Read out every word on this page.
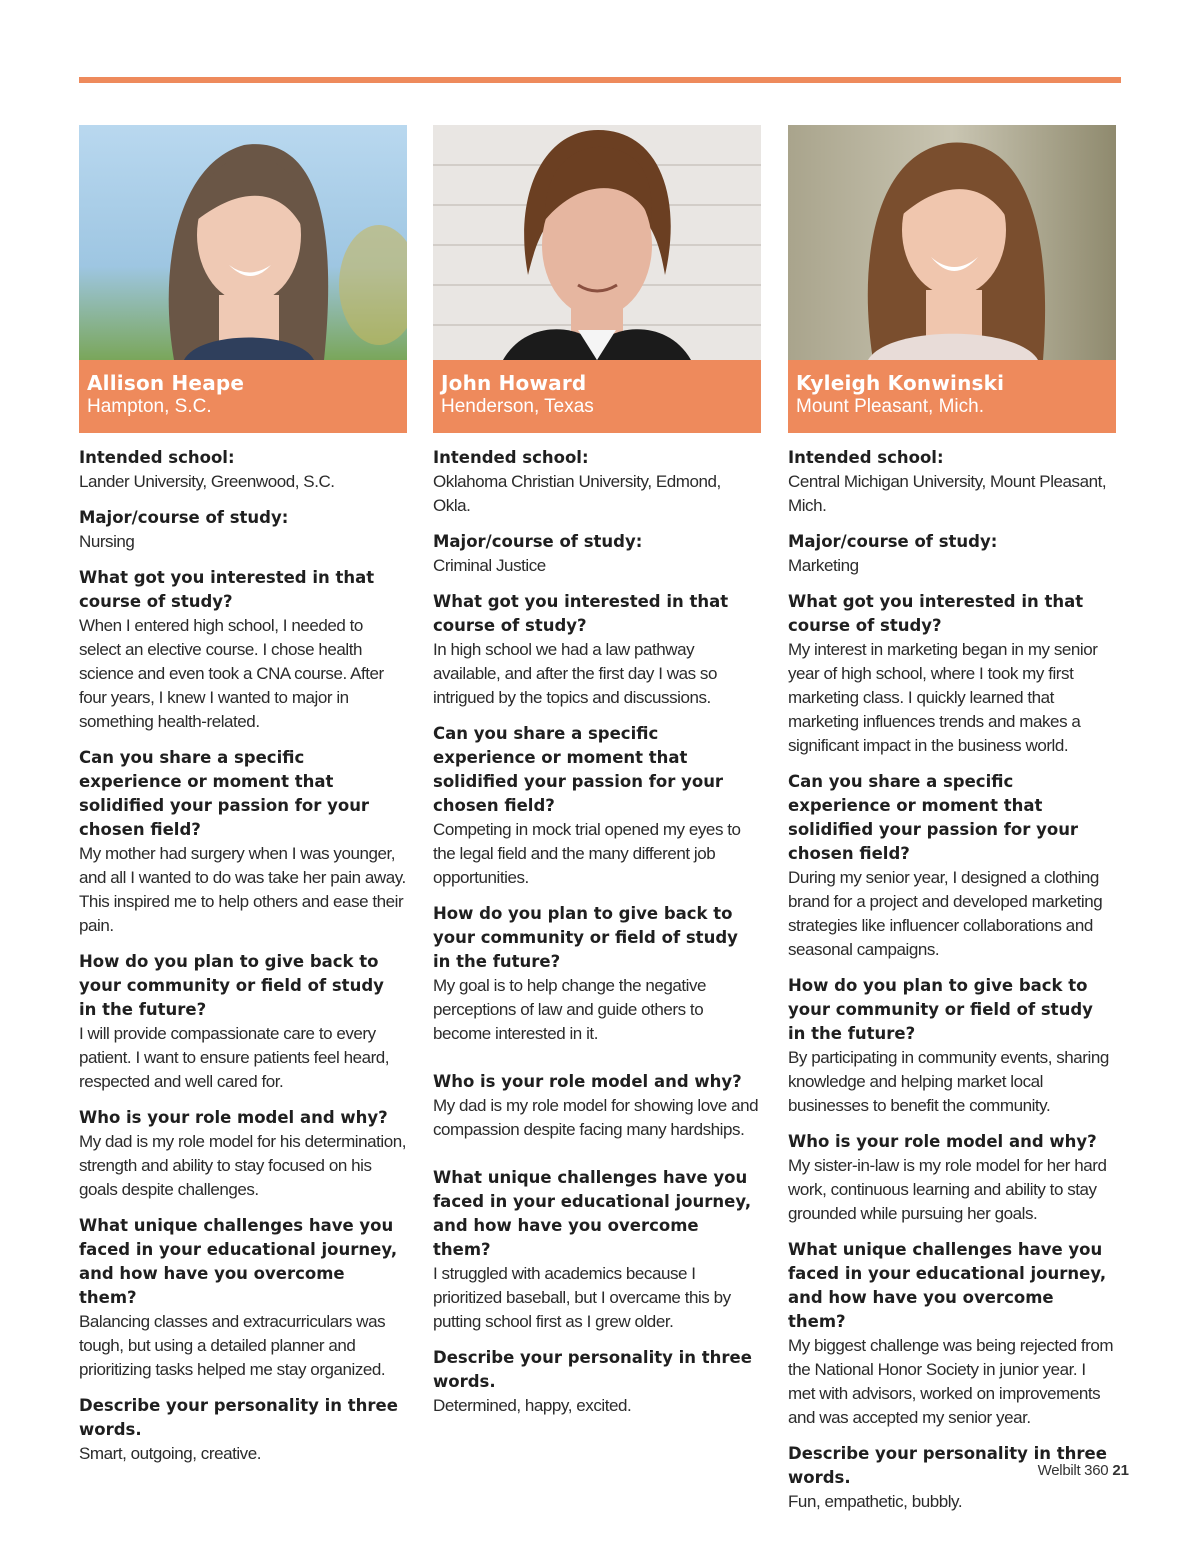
Allison Heape
Hampton, S.C.
Intended school:
Lander University, Greenwood, S.C.
Major/course of study:
Nursing
What got you interested in that course of study?
When I entered high school, I needed to select an elective course. I chose health science and even took a CNA course. After four years, I knew I wanted to major in something health-related.
Can you share a specific experience or moment that solidified your passion for your chosen field?
My mother had surgery when I was younger, and all I wanted to do was take her pain away. This inspired me to help others and ease their pain.
How do you plan to give back to your community or field of study in the future?
I will provide compassionate care to every patient. I want to ensure patients feel heard, respected and well cared for.
Who is your role model and why?
My dad is my role model for his determination, strength and ability to stay focused on his goals despite challenges.
What unique challenges have you faced in your educational journey, and how have you overcome them?
Balancing classes and extracurriculars was tough, but using a detailed planner and prioritizing tasks helped me stay organized.
Describe your personality in three words.
Smart, outgoing, creative.
John Howard
Henderson, Texas
Intended school:
Oklahoma Christian University, Edmond, Okla.
Major/course of study:
Criminal Justice
What got you interested in that course of study?
In high school we had a law pathway available, and after the first day I was so intrigued by the topics and discussions.
Can you share a specific experience or moment that solidified your passion for your chosen field?
Competing in mock trial opened my eyes to the legal field and the many different job opportunities.
How do you plan to give back to your community or field of study in the future?
My goal is to help change the negative perceptions of law and guide others to become interested in it.
Who is your role model and why?
My dad is my role model for showing love and compassion despite facing many hardships.
What unique challenges have you faced in your educational journey, and how have you overcome them?
I struggled with academics because I prioritized baseball, but I overcame this by putting school first as I grew older.
Describe your personality in three words.
Determined, happy, excited.
Kyleigh Konwinski
Mount Pleasant, Mich.
Intended school:
Central Michigan University, Mount Pleasant, Mich.
Major/course of study:
Marketing
What got you interested in that course of study?
My interest in marketing began in my senior year of high school, where I took my first marketing class. I quickly learned that marketing influences trends and makes a significant impact in the business world.
Can you share a specific experience or moment that solidified your passion for your chosen field?
During my senior year, I designed a clothing brand for a project and developed marketing strategies like influencer collaborations and seasonal campaigns.
How do you plan to give back to your community or field of study in the future?
By participating in community events, sharing knowledge and helping market local businesses to benefit the community.
Who is your role model and why?
My sister-in-law is my role model for her hard work, continuous learning and ability to stay grounded while pursuing her goals.
What unique challenges have you faced in your educational journey, and how have you overcome them?
My biggest challenge was being rejected from the National Honor Society in junior year. I met with advisors, worked on improvements and was accepted my senior year.
Describe your personality in three words.
Fun, empathetic, bubbly.
Welbilt 360 21
